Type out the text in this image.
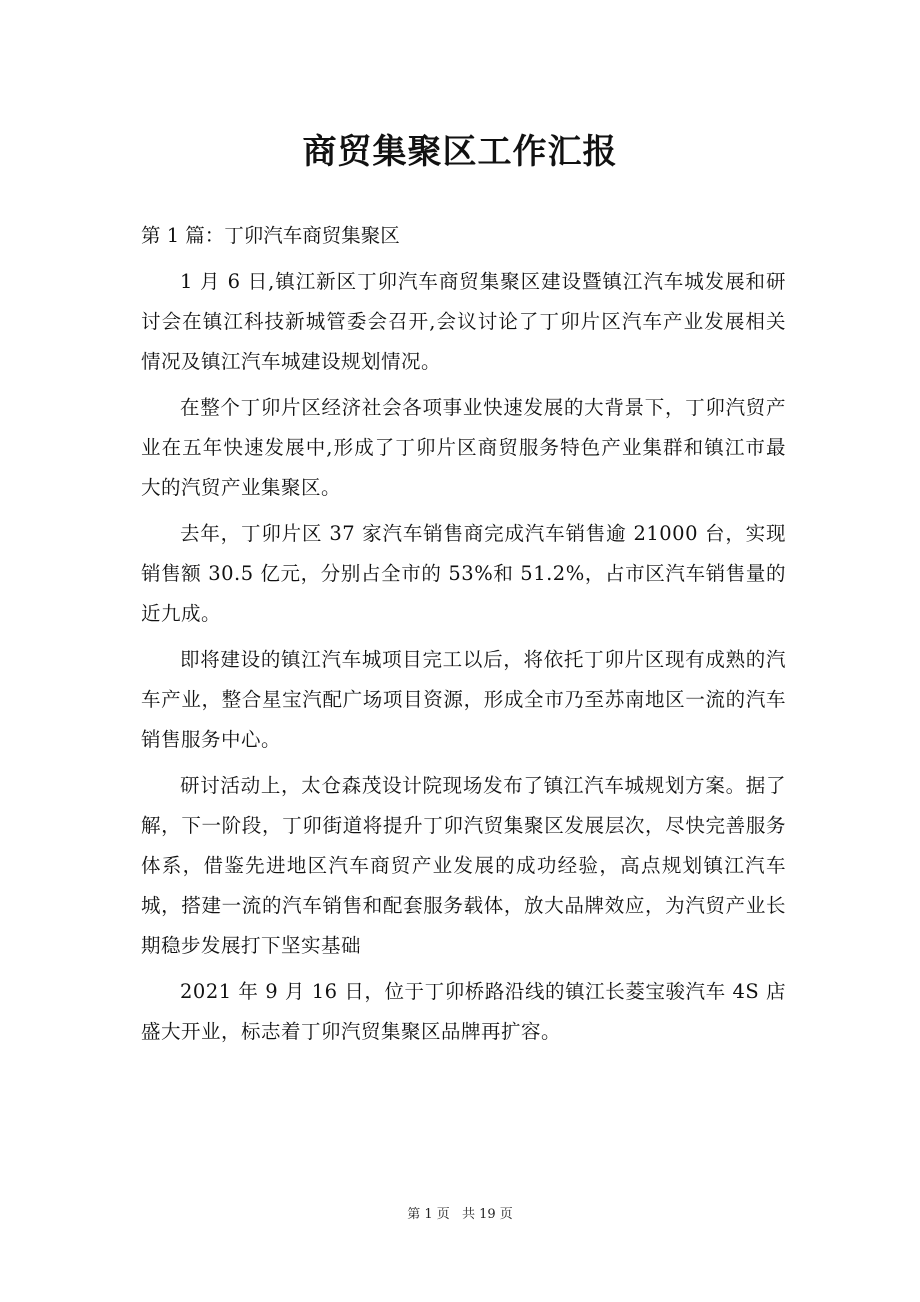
商贸集聚区工作汇报

第 1 篇：丁卯汽车商贸集聚区

1 月 6 日,镇江新区丁卯汽车商贸集聚区建设暨镇江汽车城发展和研讨会在镇江科技新城管委会召开,会议讨论了丁卯片区汽车产业发展相关情况及镇江汽车城建设规划情况。

在整个丁卯片区经济社会各项事业快速发展的大背景下，丁卯汽贸产业在五年快速发展中,形成了丁卯片区商贸服务特色产业集群和镇江市最大的汽贸产业集聚区。

去年，丁卯片区 37 家汽车销售商完成汽车销售逾 21000 台，实现销售额 30.5 亿元，分别占全市的 53%和 51.2%，占市区汽车销售量的近九成。

即将建设的镇江汽车城项目完工以后，将依托丁卯片区现有成熟的汽车产业，整合星宝汽配广场项目资源，形成全市乃至苏南地区一流的汽车销售服务中心。

研讨活动上，太仓森茂设计院现场发布了镇江汽车城规划方案。据了解，下一阶段，丁卯街道将提升丁卯汽贸集聚区发展层次，尽快完善服务体系，借鉴先进地区汽车商贸产业发展的成功经验，高点规划镇江汽车城，搭建一流的汽车销售和配套服务载体，放大品牌效应，为汽贸产业长期稳步发展打下坚实基础

2021 年 9 月 16 日，位于丁卯桥路沿线的镇江长菱宝骏汽车 4S 店盛大开业，标志着丁卯汽贸集聚区品牌再扩容。

第 1 页 共 19 页
